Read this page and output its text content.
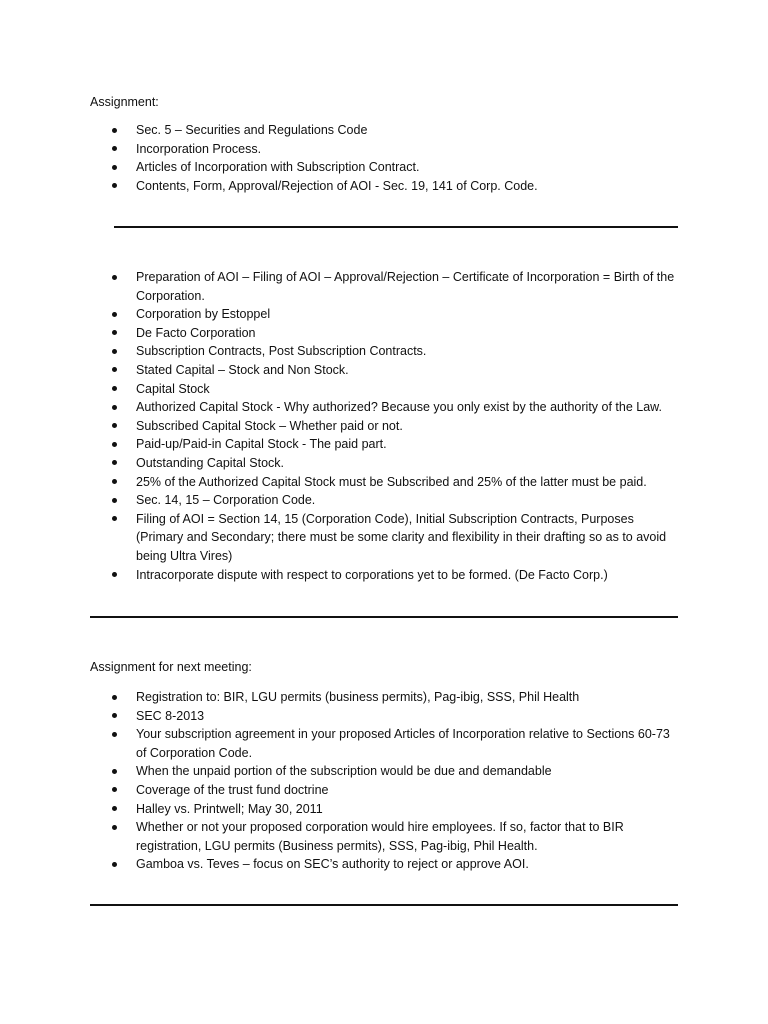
Assignment:

Sec. 5 – Securities and Regulations Code
Incorporation Process.
Articles of Incorporation with Subscription Contract.
Contents, Form, Approval/Rejection of AOI - Sec. 19, 141 of Corp. Code.
Preparation of AOI – Filing of AOI – Approval/Rejection – Certificate of Incorporation = Birth of the Corporation.
Corporation by Estoppel
De Facto Corporation
Subscription Contracts, Post Subscription Contracts.
Stated Capital – Stock and Non Stock.
Capital Stock
Authorized Capital Stock - Why authorized? Because you only exist by the authority of the Law.
Subscribed Capital Stock – Whether paid or not.
Paid-up/Paid-in Capital Stock - The paid part.
Outstanding Capital Stock.
25% of the Authorized Capital Stock must be Subscribed and 25% of the latter must be paid.
Sec. 14, 15 – Corporation Code.
Filing of AOI = Section 14, 15 (Corporation Code), Initial Subscription Contracts, Purposes (Primary and Secondary; there must be some clarity and flexibility in their drafting so as to avoid being Ultra Vires)
Intracorporate dispute with respect to corporations yet to be formed. (De Facto Corp.)

Assignment for next meeting:

Registration to: BIR, LGU permits (business permits), Pag-ibig, SSS, Phil Health
SEC 8-2013
Your subscription agreement in your proposed Articles of Incorporation relative to Sections 60-73 of Corporation Code.
When the unpaid portion of the subscription would be due and demandable
Coverage of the trust fund doctrine
Halley vs. Printwell; May 30, 2011
Whether or not your proposed corporation would hire employees. If so, factor that to BIR registration, LGU permits (Business permits), SSS, Pag-ibig, Phil Health.
Gamboa vs. Teves – focus on SEC’s authority to reject or approve AOI.
